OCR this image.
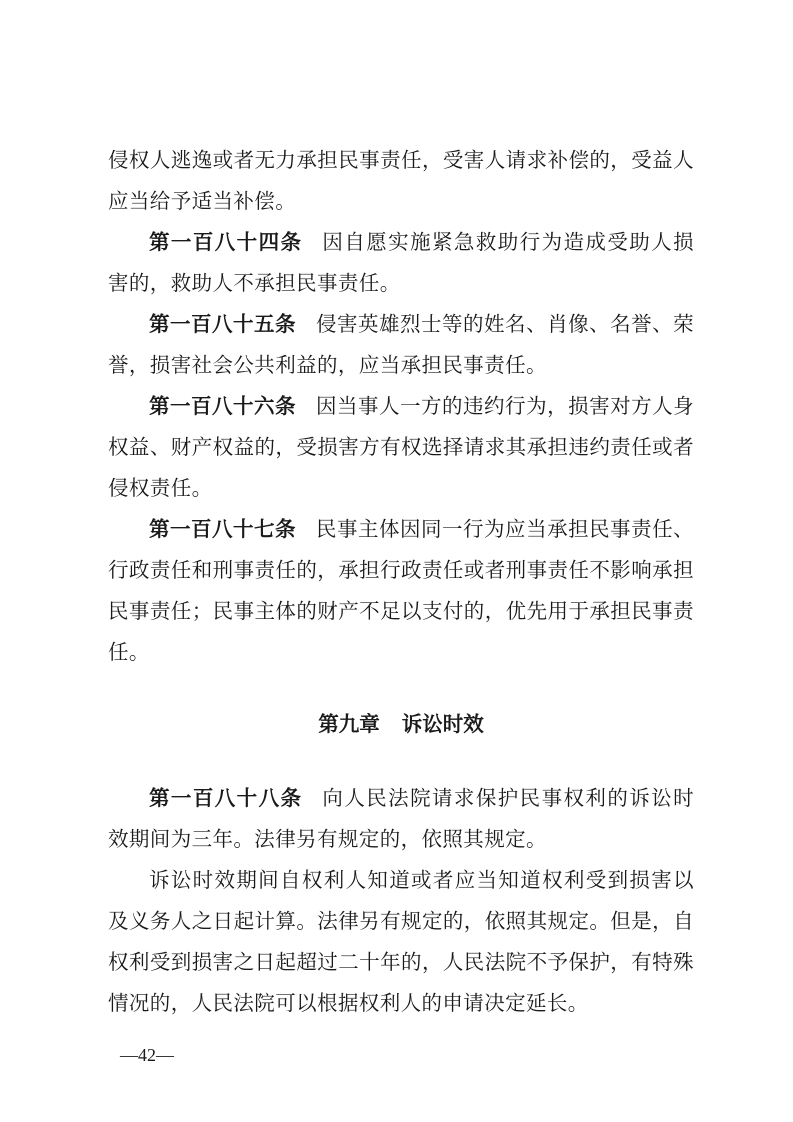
侵权人逃逸或者无力承担民事责任，受害人请求补偿的，受益人
应当给予适当补偿。
第一百八十四条 因自愿实施紧急救助行为造成受助人损
害的，救助人不承担民事责任。
第一百八十五条 侵害英雄烈士等的姓名、肖像、名誉、荣
誉，损害社会公共利益的，应当承担民事责任。
第一百八十六条 因当事人一方的违约行为，损害对方人身
权益、财产权益的，受损害方有权选择请求其承担违约责任或者
侵权责任。
第一百八十七条 民事主体因同一行为应当承担民事责任、
行政责任和刑事责任的，承担行政责任或者刑事责任不影响承担
民事责任；民事主体的财产不足以支付的，优先用于承担民事责
任。
第九章 诉讼时效
第一百八十八条 向人民法院请求保护民事权利的诉讼时
效期间为三年。法律另有规定的，依照其规定。
诉讼时效期间自权利人知道或者应当知道权利受到损害以
及义务人之日起计算。法律另有规定的，依照其规定。但是，自
权利受到损害之日起超过二十年的，人民法院不予保护，有特殊
情况的，人民法院可以根据权利人的申请决定延长。
—42—
